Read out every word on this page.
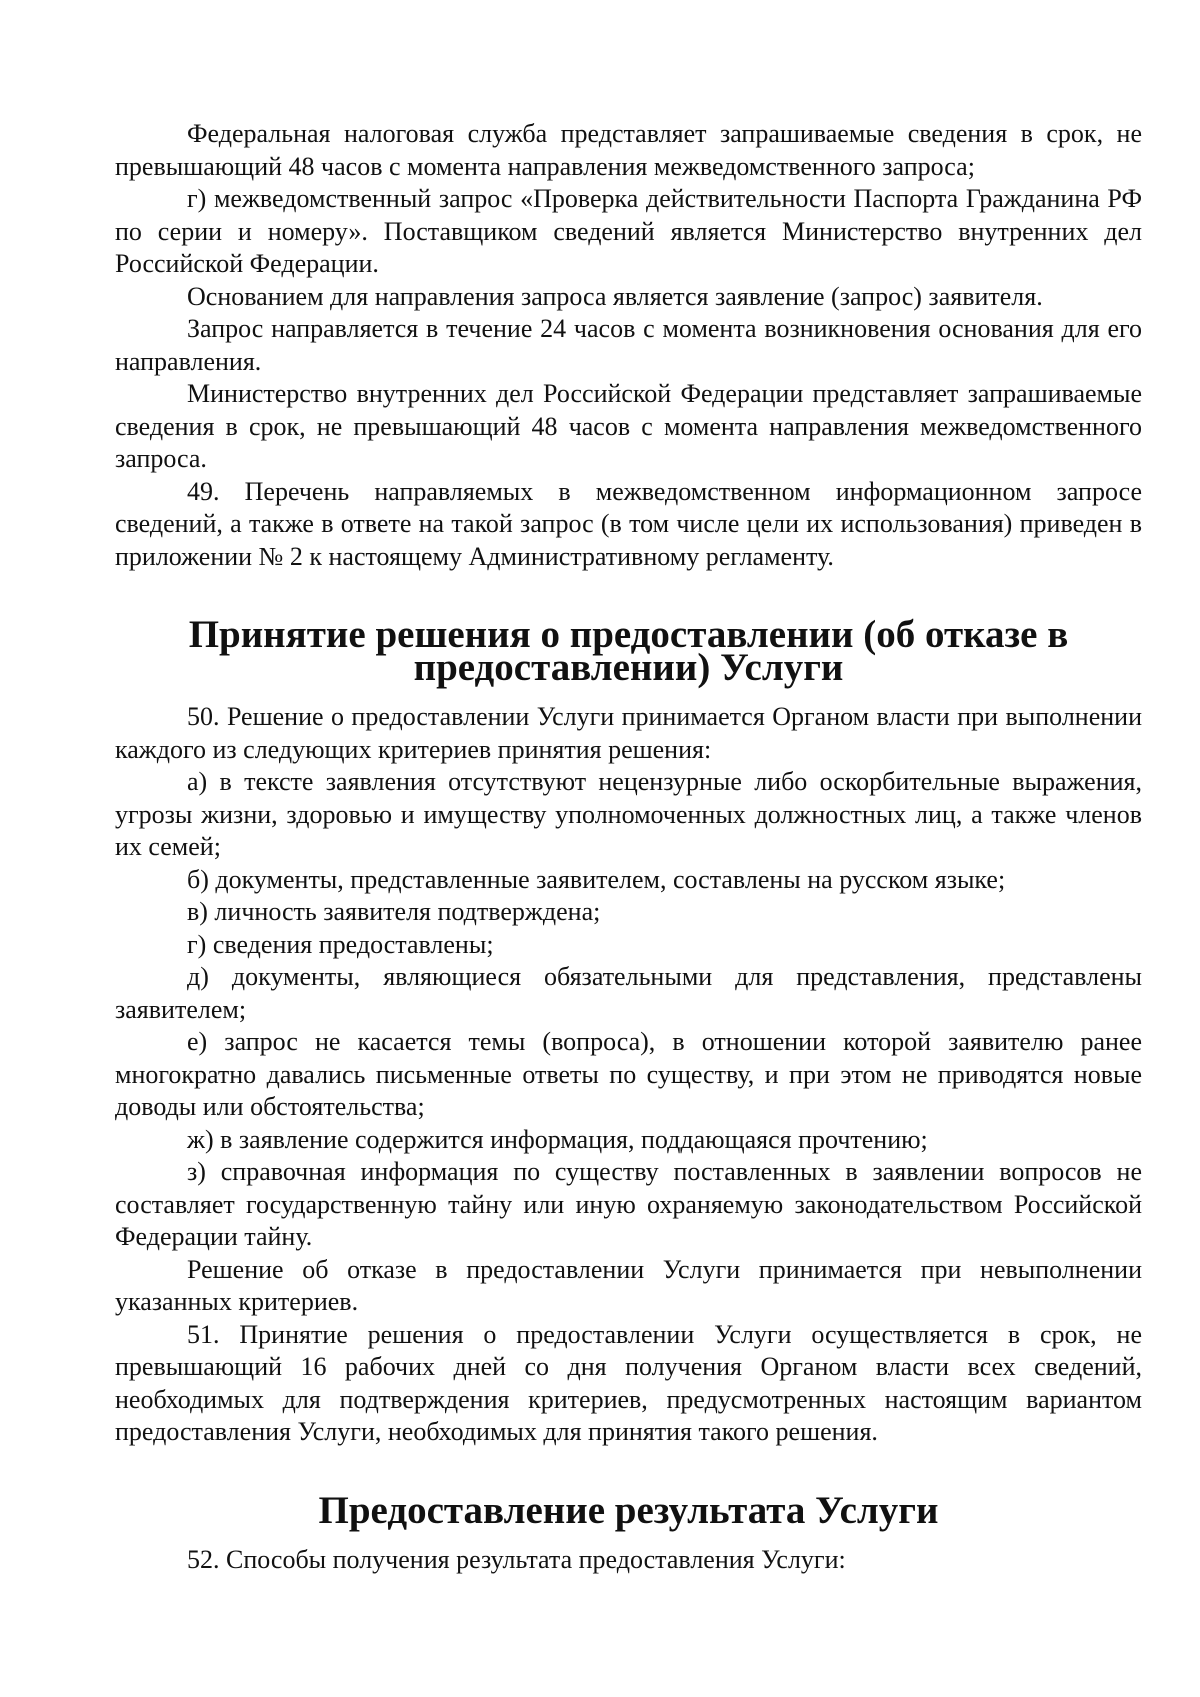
Федеральная налоговая служба представляет запрашиваемые сведения в срок, не превышающий 48 часов с момента направления межведомственного запроса;

г) межведомственный запрос «Проверка действительности Паспорта Гражданина РФ по серии и номеру». Поставщиком сведений является Министерство внутренних дел Российской Федерации.

Основанием для направления запроса является заявление (запрос) заявителя.

Запрос направляется в течение 24 часов с момента возникновения основания для его направления.

Министерство внутренних дел Российской Федерации представляет запрашиваемые сведения в срок, не превышающий 48 часов с момента направления межведомственного запроса.

49. Перечень направляемых в межведомственном информационном запросе сведений, а также в ответе на такой запрос (в том числе цели их использования) приведен в приложении № 2 к настоящему Административному регламенту.

Принятие решения о предоставлении (об отказе в предоставлении) Услуги

50. Решение о предоставлении Услуги принимается Органом власти при выполнении каждого из следующих критериев принятия решения:

а) в тексте заявления отсутствуют нецензурные либо оскорбительные выражения, угрозы жизни, здоровью и имуществу уполномоченных должностных лиц, а также членов их семей;

б) документы, представленные заявителем, составлены на русском языке;

в) личность заявителя подтверждена;

г) сведения предоставлены;

д) документы, являющиеся обязательными для представления, представлены заявителем;

е) запрос не касается темы (вопроса), в отношении которой заявителю ранее многократно давались письменные ответы по существу, и при этом не приводятся новые доводы или обстоятельства;

ж) в заявление содержится информация, поддающаяся прочтению;

з) справочная информация по существу поставленных в заявлении вопросов не составляет государственную тайну или иную охраняемую законодательством Российской Федерации тайну.

Решение об отказе в предоставлении Услуги принимается при невыполнении указанных критериев.

51. Принятие решения о предоставлении Услуги осуществляется в срок, не превышающий 16 рабочих дней со дня получения Органом власти всех сведений, необходимых для подтверждения критериев, предусмотренных настоящим вариантом предоставления Услуги, необходимых для принятия такого решения.

Предоставление результата Услуги

52. Способы получения результата предоставления Услуги:
